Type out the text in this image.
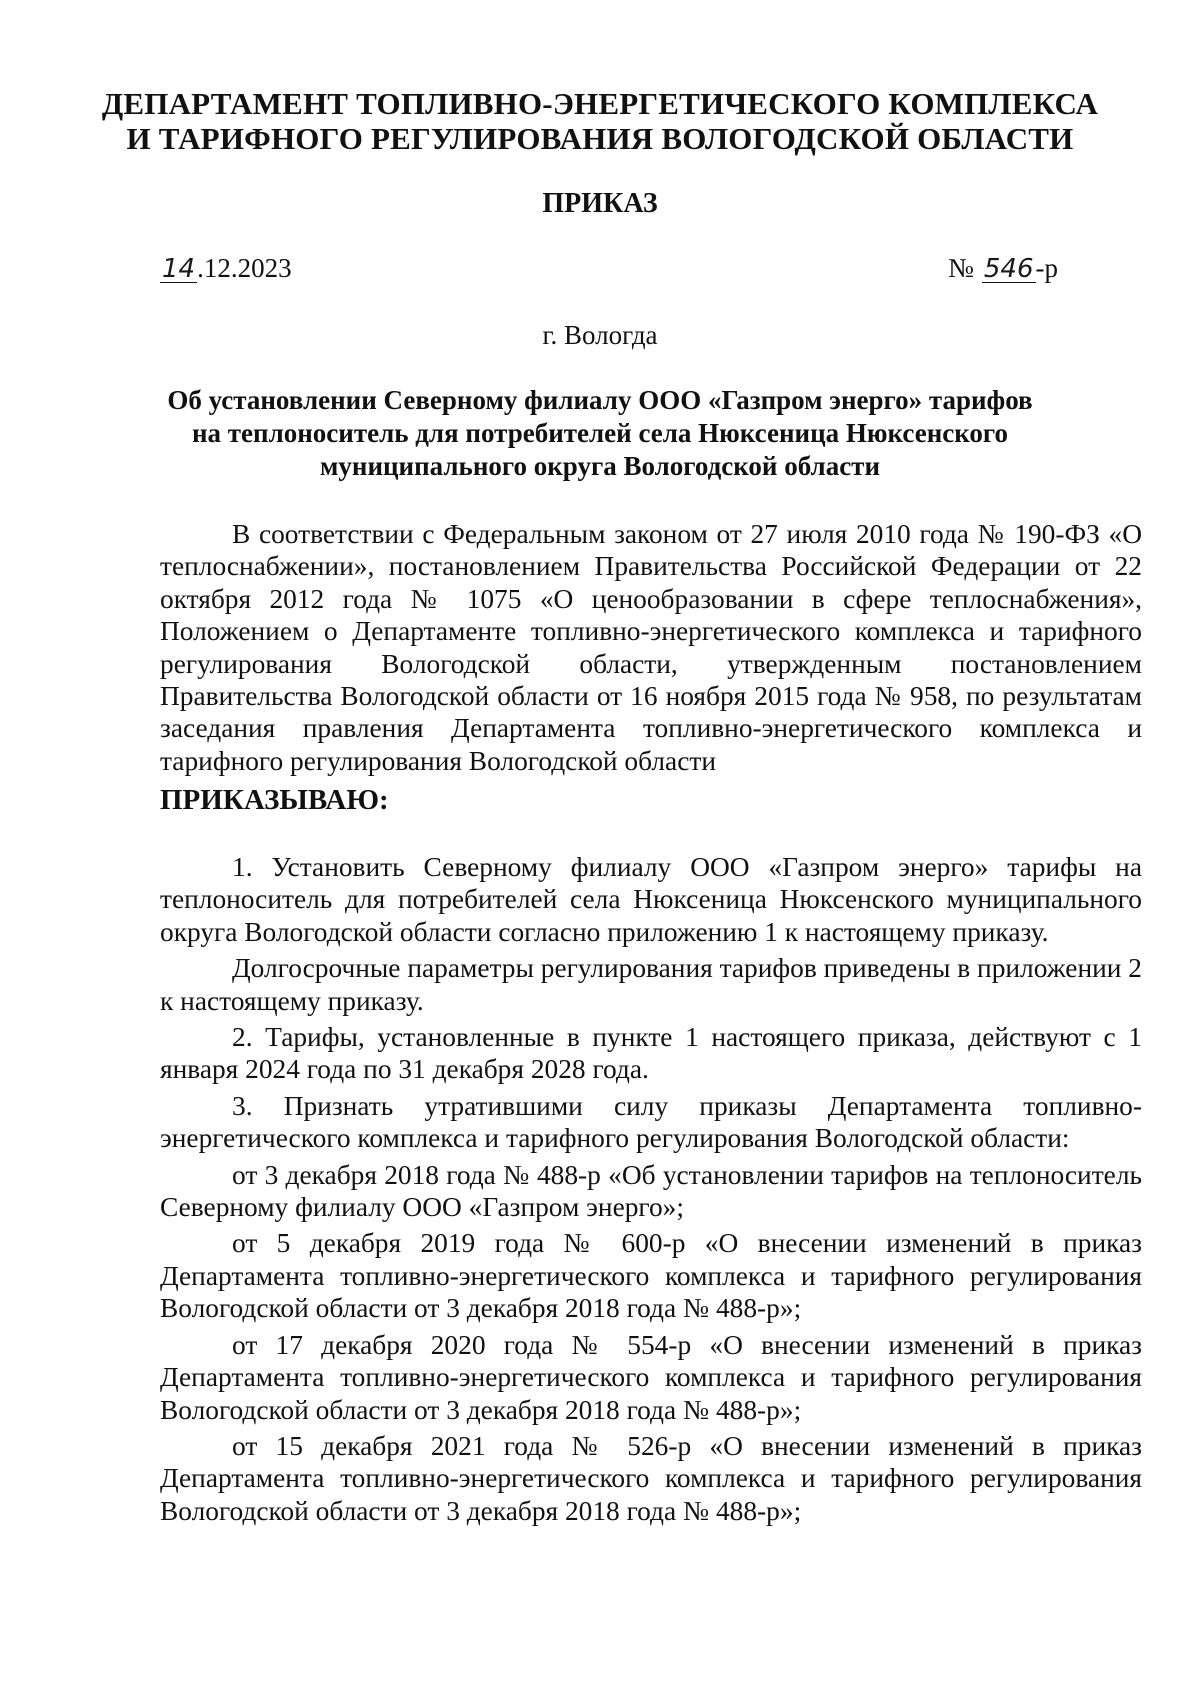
ДЕПАРТАМЕНТ ТОПЛИВНО-ЭНЕРГЕТИЧЕСКОГО КОМПЛЕКСА
И ТАРИФНОГО РЕГУЛИРОВАНИЯ ВОЛОГОДСКОЙ ОБЛАСТИ
ПРИКАЗ
14 .12.2023	№ 546 -р
г. Вологда
Об установлении Северному филиалу ООО «Газпром энерго» тарифов
на теплоноситель для потребителей села Нюксеница Нюксенского
муниципального округа Вологодской области

В соответствии с Федеральным законом от 27 июля 2010 года № 190-ФЗ «О теплоснабжении», постановлением Правительства Российской Федерации от 22 октября 2012 года № 1075 «О ценообразовании в сфере теплоснабжения», Положением о Департаменте топливно-энергетического комплекса и тарифного регулирования Вологодской области, утвержденным постановлением Правительства Вологодской области от 16 ноября 2015 года № 958, по результатам заседания правления Департамента топливно-энергетического комплекса и тарифного регулирования Вологодской области

ПРИКАЗЫВАЮ:

1. Установить Северному филиалу ООО «Газпром энерго» тарифы на теплоноситель для потребителей села Нюксеница Нюксенского муниципального округа Вологодской области согласно приложению 1 к настоящему приказу.

Долгосрочные параметры регулирования тарифов приведены в приложении 2 к настоящему приказу.

2. Тарифы, установленные в пункте 1 настоящего приказа, действуют с 1 января 2024 года по 31 декабря 2028 года.

3. Признать утратившими силу приказы Департамента топливно-энергетического комплекса и тарифного регулирования Вологодской области:

от 3 декабря 2018 года № 488-р «Об установлении тарифов на теплоноситель Северному филиалу ООО «Газпром энерго»;

от 5 декабря 2019 года № 600-р «О внесении изменений в приказ Департамента топливно-энергетического комплекса и тарифного регулирования Вологодской области от 3 декабря 2018 года № 488-р»;

от 17 декабря 2020 года № 554-р «О внесении изменений в приказ Департамента топливно-энергетического комплекса и тарифного регулирования Вологодской области от 3 декабря 2018 года № 488-р»;

от 15 декабря 2021 года № 526-р «О внесении изменений в приказ Департамента топливно-энергетического комплекса и тарифного регулирования Вологодской области от 3 декабря 2018 года № 488-р»;
